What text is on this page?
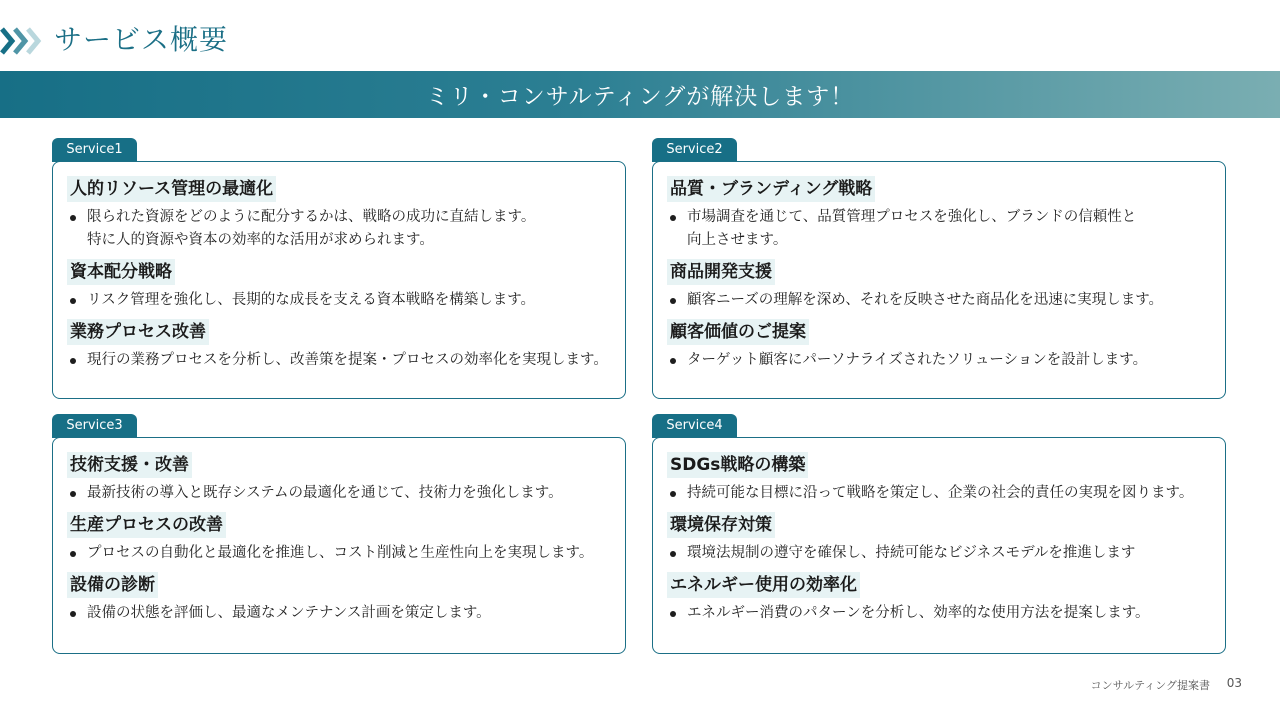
サービス概要
ミリ・コンサルティングが解決します！
Service1
人的リソース管理の最適化
限られた資源をどのように配分するかは、戦略の成功に直結します。
特に人的資源や資本の効率的な活用が求められます。
資本配分戦略
リスク管理を強化し、長期的な成長を支える資本戦略を構築します。
業務プロセス改善
現行の業務プロセスを分析し、改善策を提案・プロセスの効率化を実現します。
Service2
品質・ブランディング戦略
市場調査を通じて、品質管理プロセスを強化し、ブランドの信頼性と
向上させます。
商品開発支援
顧客ニーズの理解を深め、それを反映させた商品化を迅速に実現します。
顧客価値のご提案
ターゲット顧客にパーソナライズされたソリューションを設計します。
Service3
技術支援・改善
最新技術の導入と既存システムの最適化を通じて、技術力を強化します。
生産プロセスの改善
プロセスの自動化と最適化を推進し、コスト削減と生産性向上を実現します。
設備の診断
設備の状態を評価し、最適なメンテナンス計画を策定します。
Service4
SDGs戦略の構築
持続可能な目標に沿って戦略を策定し、企業の社会的責任の実現を図ります。
環境保存対策
環境法規制の遵守を確保し、持続可能なビジネスモデルを推進します
エネルギー使用の効率化
エネルギー消費のパターンを分析し、効率的な使用方法を提案します。
コンサルティング提案書 03
